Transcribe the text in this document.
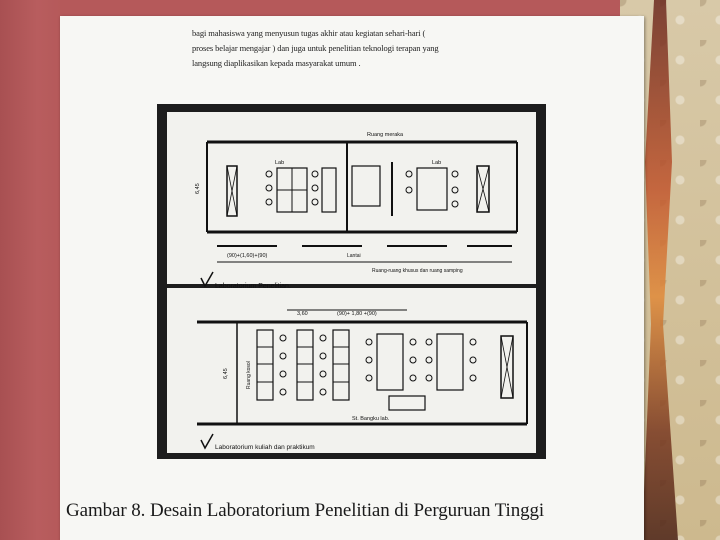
bagi mahasiswa yang menyusun tugas akhir atau kegiatan sehari-hari (
proses belajar mengajar ) dan juga untuk penelitian teknologi terapan yang
langsung diaplikasikan kepada masyarakat umum .
Ruang meraka
Lab	Lab
6,45
(90)+(1,60)+(90)	Lantai
Ruang-ruang khusus dan ruang samping
Laboratorium Penelitian.
3,60	(90)+ 1,80 +(90)
6,45	Ruang kosol
St. Bangku lab.
Laboratorium kuliah dan praktikum
Gambar 8. Desain Laboratorium Penelitian di Perguruan Tinggi
